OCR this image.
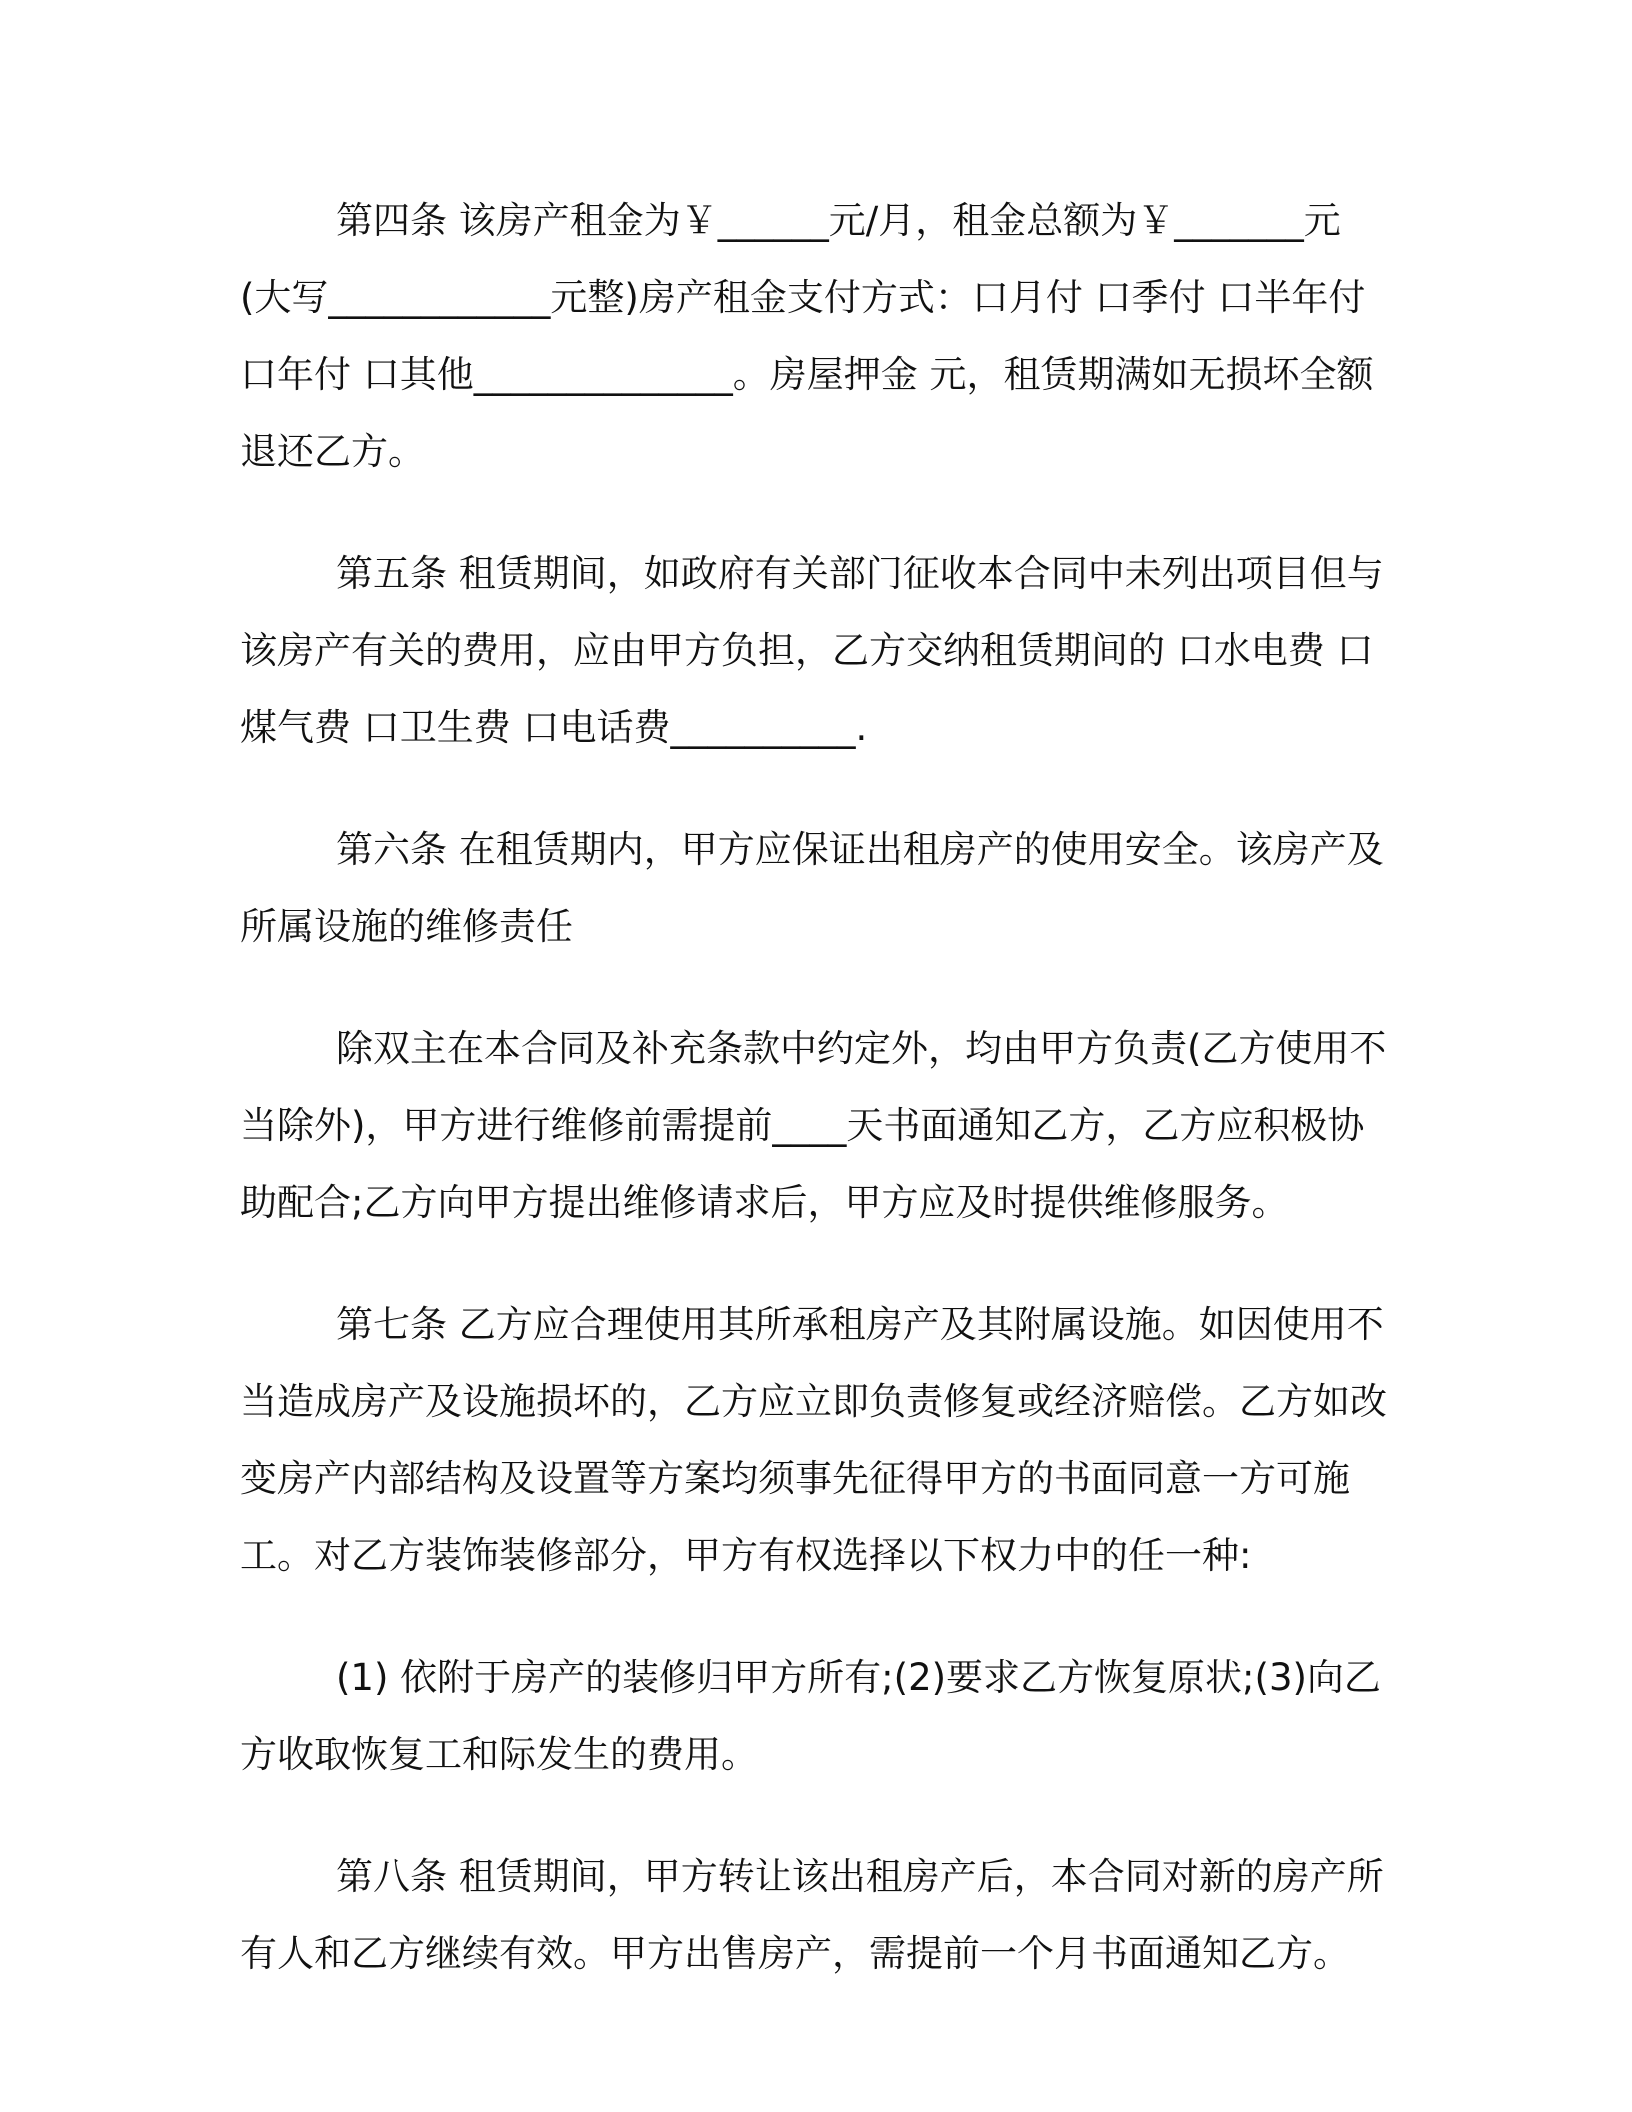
第四条 该房产租金为￥______元/月，租金总额为￥_______元(大写____________元整)房产租金支付方式：口月付 口季付 口半年付 口年付 口其他______________。房屋押金 元，租赁期满如无损坏全额退还乙方。

第五条 租赁期间，如政府有关部门征收本合同中未列出项目但与该房产有关的费用，应由甲方负担，乙方交纳租赁期间的 口水电费 口煤气费 口卫生费 口电话费__________.

第六条 在租赁期内，甲方应保证出租房产的使用安全。该房产及所属设施的维修责任

除双主在本合同及补充条款中约定外，均由甲方负责(乙方使用不当除外)，甲方进行维修前需提前____天书面通知乙方，乙方应积极协助配合;乙方向甲方提出维修请求后，甲方应及时提供维修服务。

第七条 乙方应合理使用其所承租房产及其附属设施。如因使用不当造成房产及设施损坏的，乙方应立即负责修复或经济赔偿。乙方如改变房产内部结构及设置等方案均须事先征得甲方的书面同意一方可施工。对乙方装饰装修部分，甲方有权选择以下权力中的任一种:

(1) 依附于房产的装修归甲方所有;(2)要求乙方恢复原状;(3)向乙方收取恢复工和际发生的费用。

第八条 租赁期间，甲方转让该出租房产后，本合同对新的房产所有人和乙方继续有效。甲方出售房产，需提前一个月书面通知乙方。
